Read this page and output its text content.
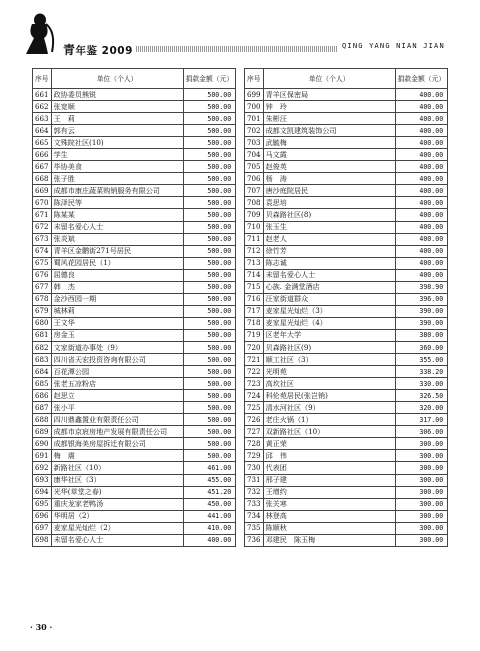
青年鉴 2009	QING YANG NIAN JIAN
序号	单位（个人）	捐款金额（元）
661	政协委员熊锐	500.00
662	张宽顺	500.00
663	王　莉	500.00
664	郭有云	500.00
665	文殊院社区(10)	500.00
666	学生	500.00
667	毕协美食	500.00
668	张子胜	500.00
669	成都市康庄蔬菜购销服务有限公司	500.00
670	陈泽民等	500.00
671	陈某某	500.00
672	未留名爱心人士	500.00
673	张炎斌	500.00
674	青羊区金鹏街271号居民	500.00
675	蜀风花园居民（1）	500.00
676	屈德良	500.00
677	韩　杰	500.00
678	金沙西园一期	500.00
679	城林莉	500.00
680	王文华	500.00
681	房金玉	500.00
682	文家街道办事处（9）	500.00
683	四川省天宏投资咨询有限公司	500.00
684	百花潭公园	500.00
685	张老五凉粉店	500.00
686	赵思立	500.00
687	张小平	500.00
688	四川鼎鑫置业有限责任公司	500.00
689	成都市京宸房地产发展有限责任公司	500.00
690	成都银海美房屋拆迁有限公司	500.00
691	梅　震	500.00
692	新路社区（10）	461.00
693	康华社区（3）	455.00
694	光华(草堂之春)	451.20
695	重庆龙家老鸭汤	450.00
696	华明居（2）	441.00
697	麦家星光灿烂（2）	410.00
698	未留名爱心人士	400.00
序号	单位（个人）	捐款金额（元）
699	青羊区保密局	400.00
700	钟　玲	400.00
701	朱彬汪	400.00
702	成都文凯建筑装饰公司	400.00
703	武毓梅	400.00
704	马文霞	400.00
705	赵俊英	400.00
706	杨　涛	400.00
707	唐沙庭院居民	400.00
708	袁思培	400.00
709	贝森路社区(8)	400.00
710	张玉生	400.00
711	赵老人	400.00
712	徐竹芳	400.00
713	陈志诚	400.00
714	未留名爱心人士	400.00
715	心族. 金满堂酒店	398.90
716	汪家街道群众	396.00
717	麦家星光灿烂（3）	390.00
718	麦家星光灿烂（4）	390.00
719	区老年大学	380.00
720	贝森路社区(9)	360.00
721	顺工社区（3）	355.00
722	光明苑	338.20
723	高坎社区	330.00
724	科伦苑居民(张岂销)	326.50
725	清水河社区（9）	320.00
726	老庄火锅（1）	317.00
727	双新路社区（10）	306.00
728	黄正荣	300.00
729	邱　伟	300.00
730	代表团	300.00
731	邢子建	300.00
732	王增约	300.00
733	张关寒	300.00
734	林登高	300.00
735	陈顺秋	300.00
736	邓建民　陈玉梅	300.00
· 30 ·
